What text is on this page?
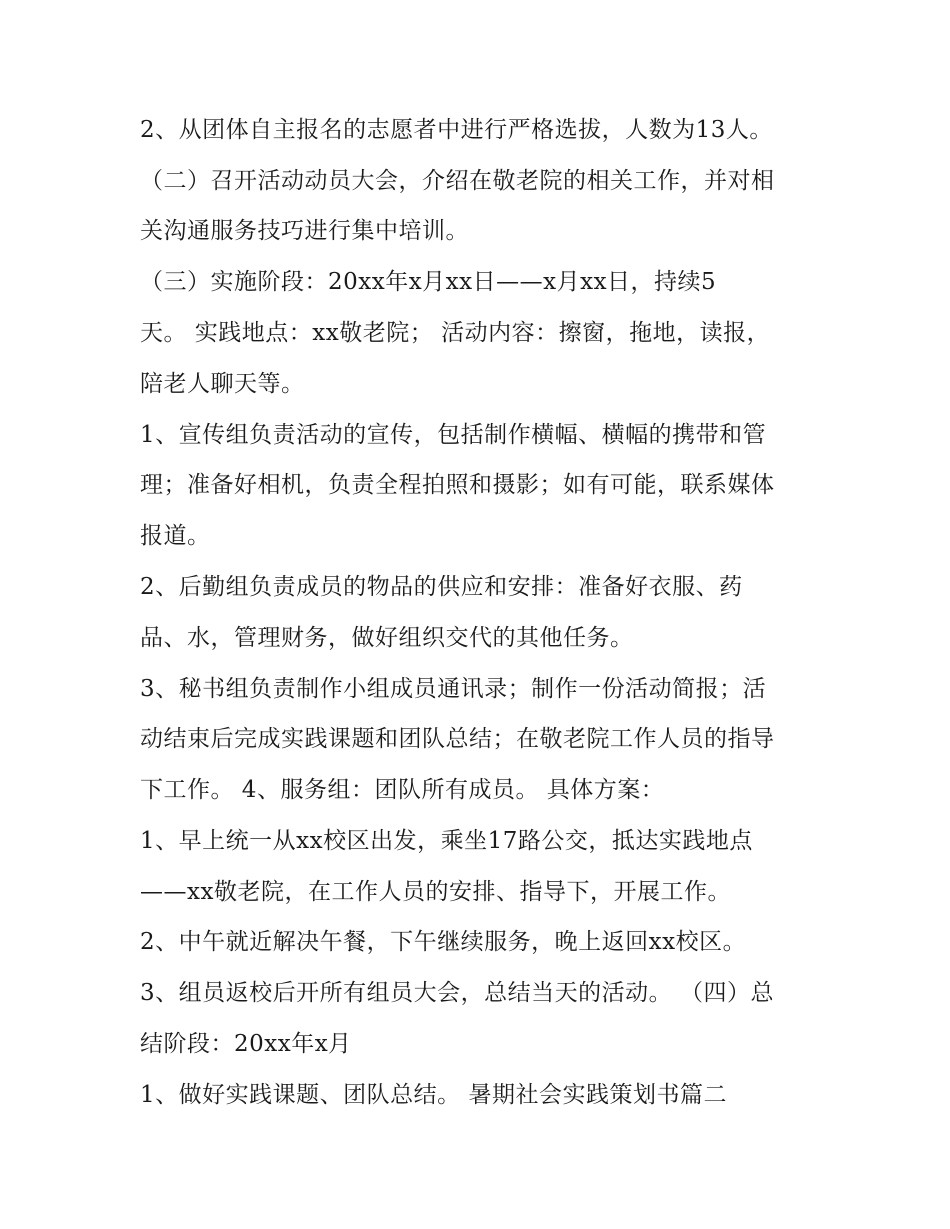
2、从团体自主报名的志愿者中进行严格选拔，人数为13人。

（二）召开活动动员大会，介绍在敬老院的相关工作，并对相

关沟通服务技巧进行集中培训。

（三）实施阶段：20xx年x月xx日——x月xx日，持续5

天。 实践地点：xx敬老院； 活动内容：擦窗，拖地，读报，

陪老人聊天等。

1、宣传组负责活动的宣传，包括制作横幅、横幅的携带和管

理；准备好相机，负责全程拍照和摄影；如有可能，联系媒体

报道。

2、后勤组负责成员的物品的供应和安排：准备好衣服、药

品、水，管理财务，做好组织交代的其他任务。

3、秘书组负责制作小组成员通讯录；制作一份活动简报；活

动结束后完成实践课题和团队总结；在敬老院工作人员的指导

下工作。 4、服务组：团队所有成员。 具体方案：

1、早上统一从xx校区出发，乘坐17路公交，抵达实践地点

——xx敬老院，在工作人员的安排、指导下，开展工作。

2、中午就近解决午餐，下午继续服务，晚上返回xx校区。

3、组员返校后开所有组员大会，总结当天的活动。 （四）总

结阶段：20xx年x月

1、做好实践课题、团队总结。 暑期社会实践策划书篇二
